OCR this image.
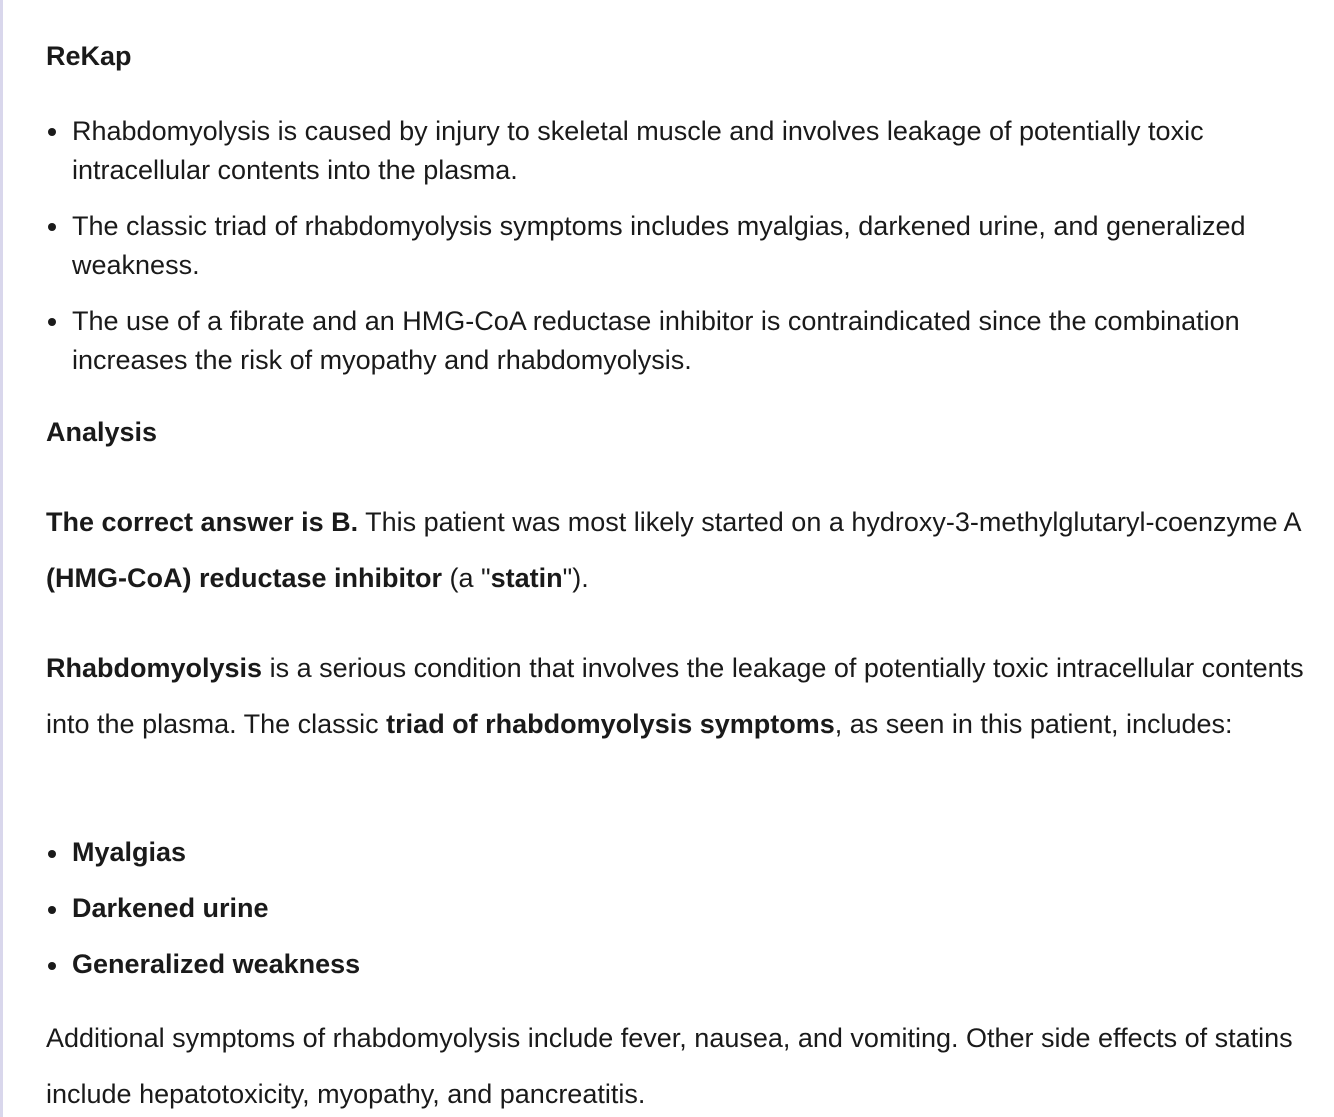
ReKap
Rhabdomyolysis is caused by injury to skeletal muscle and involves leakage of potentially toxic intracellular contents into the plasma.
The classic triad of rhabdomyolysis symptoms includes myalgias, darkened urine, and generalized weakness.
The use of a fibrate and an HMG-CoA reductase inhibitor is contraindicated since the combination increases the risk of myopathy and rhabdomyolysis.
Analysis

The correct answer is B. This patient was most likely started on a hydroxy-3-methylglutaryl-coenzyme A (HMG-CoA) reductase inhibitor (a "statin").

Rhabdomyolysis is a serious condition that involves the leakage of potentially toxic intracellular contents into the plasma. The classic triad of rhabdomyolysis symptoms, as seen in this patient, includes:

Myalgias
Darkened urine
Generalized weakness

Additional symptoms of rhabdomyolysis include fever, nausea, and vomiting. Other side effects of statins include hepatotoxicity, myopathy, and pancreatitis.
